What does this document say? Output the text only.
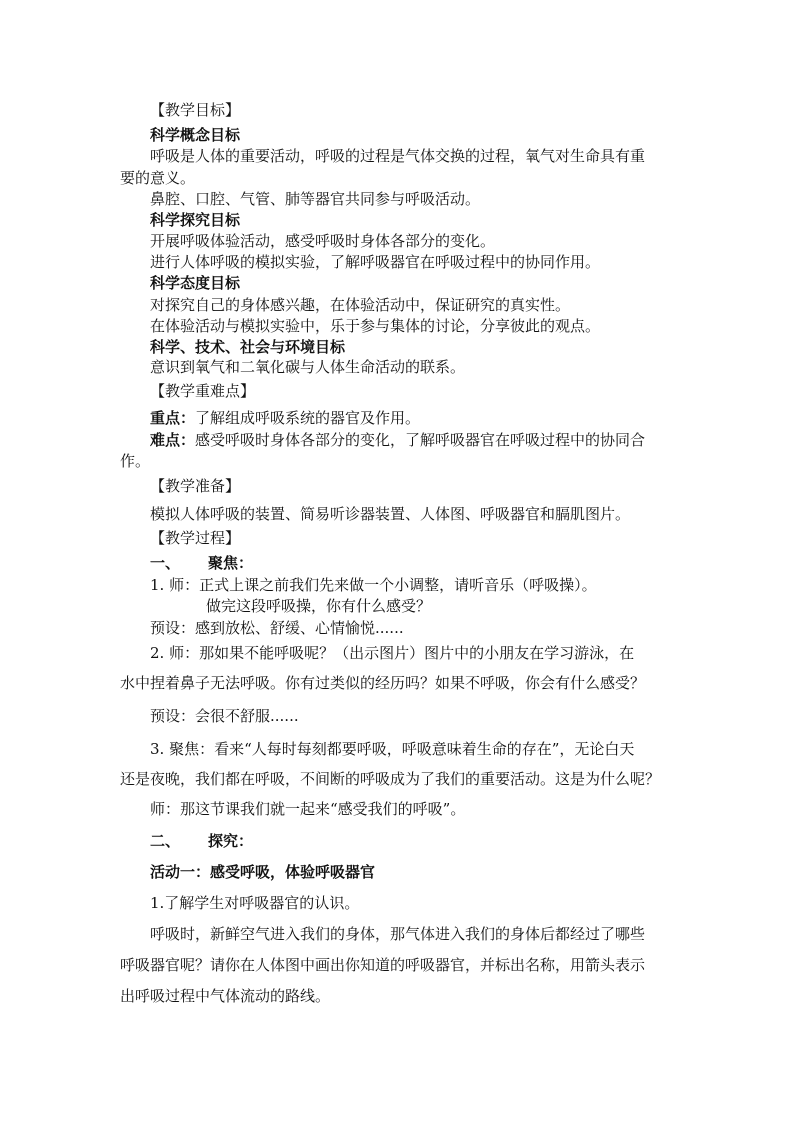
【教学目标】
科学概念目标
呼吸是人体的重要活动，呼吸的过程是气体交换的过程，氧气对生命具有重
要的意义。
鼻腔、口腔、气管、肺等器官共同参与呼吸活动。
科学探究目标
开展呼吸体验活动，感受呼吸时身体各部分的变化。
进行人体呼吸的模拟实验，了解呼吸器官在呼吸过程中的协同作用。
科学态度目标
对探究自己的身体感兴趣，在体验活动中，保证研究的真实性。
在体验活动与模拟实验中，乐于参与集体的讨论，分享彼此的观点。
科学、技术、社会与环境目标
意识到氧气和二氧化碳与人体生命活动的联系。
【教学重难点】
重点：了解组成呼吸系统的器官及作用。
难点：感受呼吸时身体各部分的变化，了解呼吸器官在呼吸过程中的协同合
作。
【教学准备】
模拟人体呼吸的装置、简易听诊器装置、人体图、呼吸器官和膈肌图片。
【教学过程】
一、 聚焦：
1. 师：正式上课之前我们先来做一个小调整，请听音乐（呼吸操）。
做完这段呼吸操，你有什么感受？
预设：感到放松、舒缓、心情愉悦......
2. 师：那如果不能呼吸呢？（出示图片）图片中的小朋友在学习游泳，在
水中捏着鼻子无法呼吸。你有过类似的经历吗？如果不呼吸，你会有什么感受？
预设：会很不舒服......
3. 聚焦：看来“人每时每刻都要呼吸，呼吸意味着生命的存在”，无论白天
还是夜晚，我们都在呼吸，不间断的呼吸成为了我们的重要活动。这是为什么呢？
师：那这节课我们就一起来“感受我们的呼吸”。
二、 探究：
活动一：感受呼吸，体验呼吸器官
1.了解学生对呼吸器官的认识。
呼吸时，新鲜空气进入我们的身体，那气体进入我们的身体后都经过了哪些
呼吸器官呢？请你在人体图中画出你知道的呼吸器官，并标出名称，用箭头表示
出呼吸过程中气体流动的路线。
